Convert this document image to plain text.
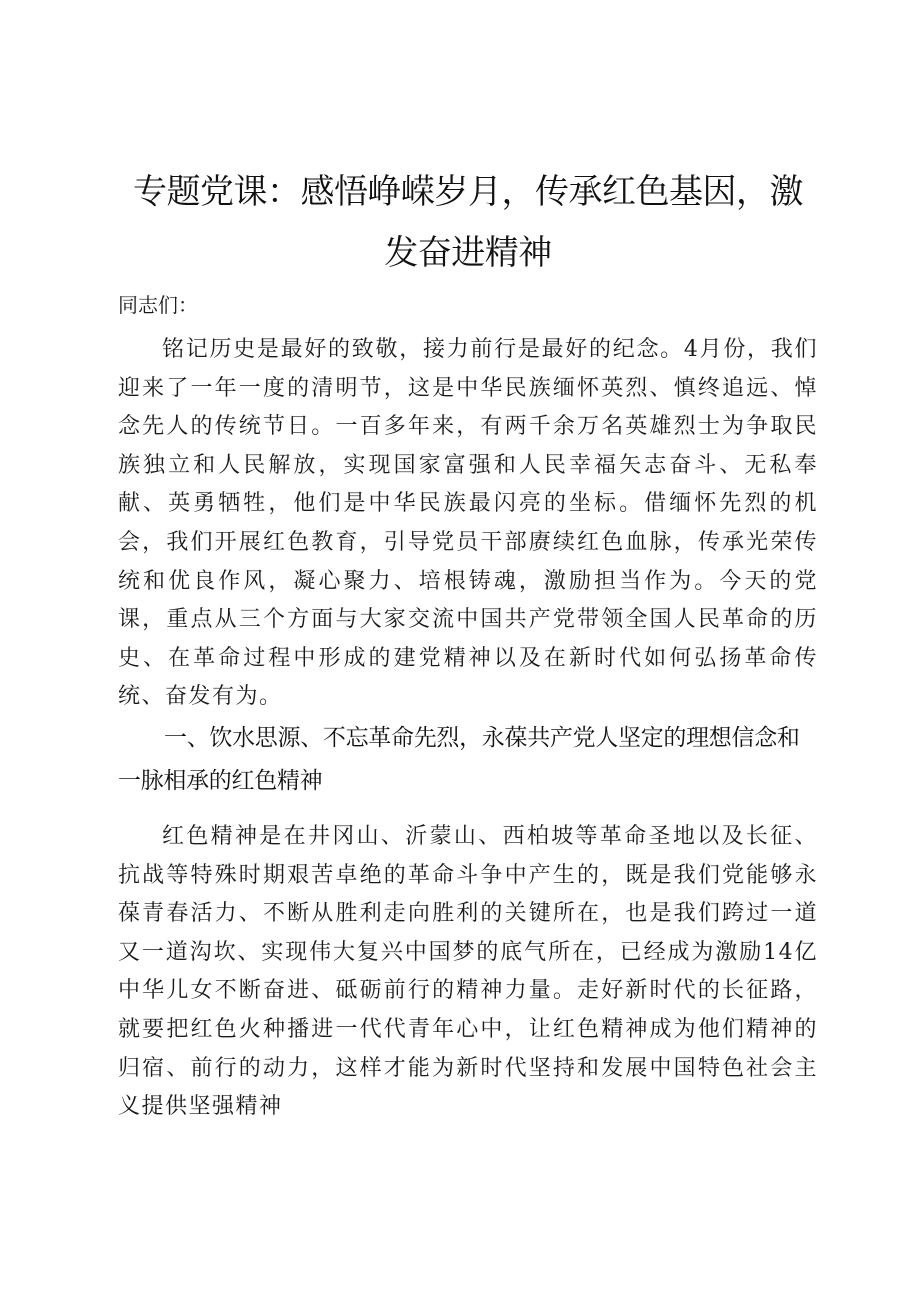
专题党课：感悟峥嵘岁月，传承红色基因，激发奋进精神

同志们：

铭记历史是最好的致敬，接力前行是最好的纪念。4月份，我们迎来了一年一度的清明节，这是中华民族缅怀英烈、慎终追远、悼念先人的传统节日。一百多年来，有两千余万名英雄烈士为争取民族独立和人民解放，实现国家富强和人民幸福矢志奋斗、无私奉献、英勇牺牲，他们是中华民族最闪亮的坐标。借缅怀先烈的机会，我们开展红色教育，引导党员干部赓续红色血脉，传承光荣传统和优良作风，凝心聚力、培根铸魂，激励担当作为。今天的党课，重点从三个方面与大家交流中国共产党带领全国人民革命的历史、在革命过程中形成的建党精神以及在新时代如何弘扬革命传统、奋发有为。

一、饮水思源、不忘革命先烈，永葆共产党人坚定的理想信念和一脉相承的红色精神

红色精神是在井冈山、沂蒙山、西柏坡等革命圣地以及长征、抗战等特殊时期艰苦卓绝的革命斗争中产生的，既是我们党能够永葆青春活力、不断从胜利走向胜利的关键所在，也是我们跨过一道又一道沟坎、实现伟大复兴中国梦的底气所在，已经成为激励14亿中华儿女不断奋进、砥砺前行的精神力量。走好新时代的长征路，就要把红色火种播进一代代青年心中，让红色精神成为他们精神的归宿、前行的动力，这样才能为新时代坚持和发展中国特色社会主义提供坚强精神
